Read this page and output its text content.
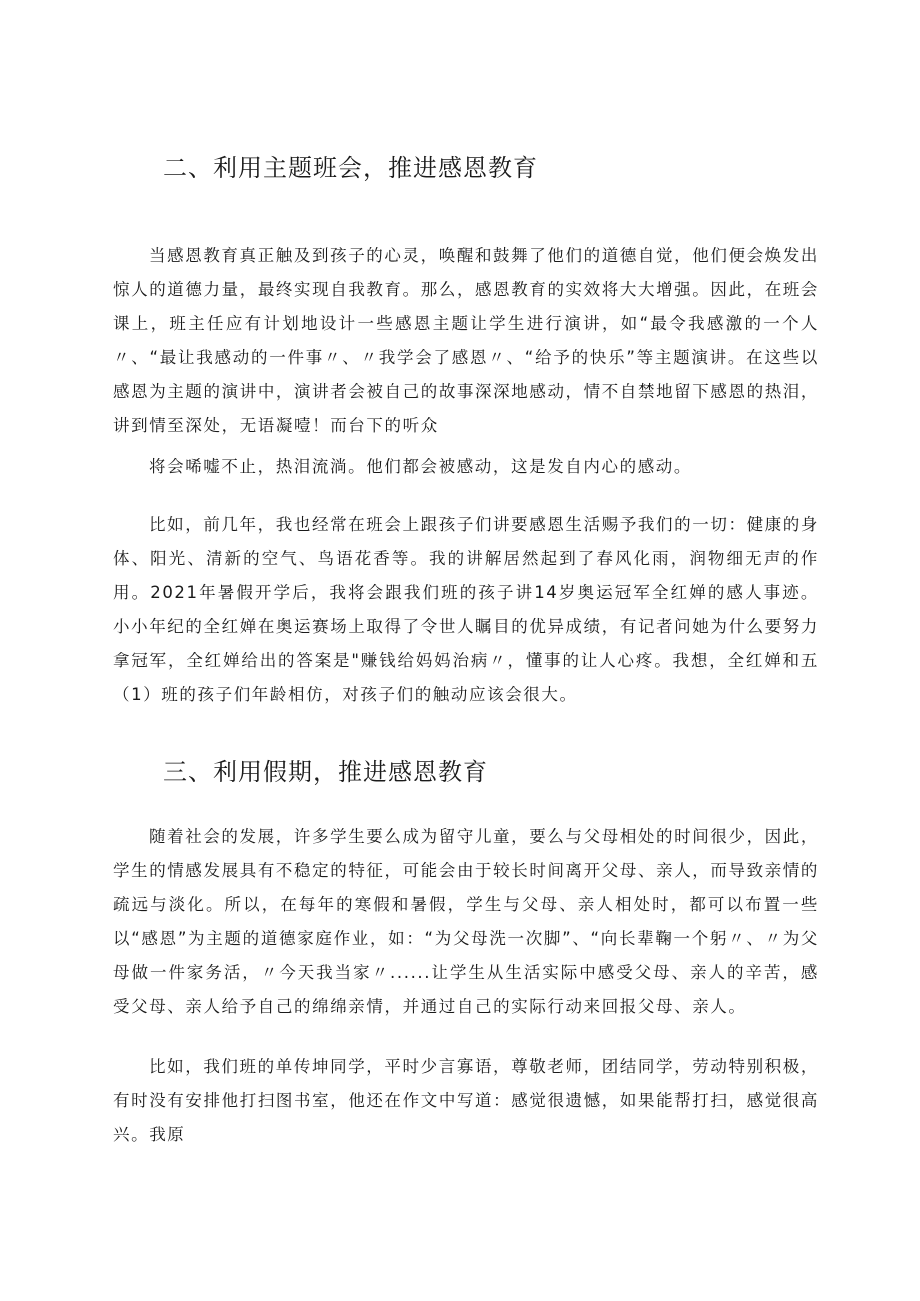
二、利用主题班会，推进感恩教育

当感恩教育真正触及到孩子的心灵，唤醒和鼓舞了他们的道德自觉，他们便会焕发出惊人的道德力量，最终实现自我教育。那么，感恩教育的实效将大大增强。因此，在班会课上，班主任应有计划地设计一些感恩主题让学生进行演讲，如“最令我感激的一个人〃、“最让我感动的一件事〃、〃我学会了感恩〃、“给予的快乐”等主题演讲。在这些以感恩为主题的演讲中，演讲者会被自己的故事深深地感动，情不自禁地留下感恩的热泪，讲到情至深处，无语凝噎！而台下的听众

将会唏嘘不止，热泪流淌。他们都会被感动，这是发自内心的感动。

比如，前几年，我也经常在班会上跟孩子们讲要感恩生活赐予我们的一切：健康的身体、阳光、清新的空气、鸟语花香等。我的讲解居然起到了春风化雨，润物细无声的作用。2021年暑假开学后，我将会跟我们班的孩子讲14岁奥运冠军全红婵的感人事迹。小小年纪的全红婵在奥运赛场上取得了令世人瞩目的优异成绩，有记者问她为什么要努力拿冠军，全红婵给出的答案是"赚钱给妈妈治病〃，懂事的让人心疼。我想，全红婵和五（1）班的孩子们年龄相仿，对孩子们的触动应该会很大。

三、利用假期，推进感恩教育

随着社会的发展，许多学生要么成为留守儿童，要么与父母相处的时间很少，因此，学生的情感发展具有不稳定的特征，可能会由于较长时间离开父母、亲人，而导致亲情的疏远与淡化。所以，在每年的寒假和暑假，学生与父母、亲人相处时，都可以布置一些以“感恩”为主题的道德家庭作业，如：“为父母洗一次脚”、“向长辈鞠一个躬〃、〃为父母做一件家务活，〃今天我当家〃......让学生从生活实际中感受父母、亲人的辛苦，感受父母、亲人给予自己的绵绵亲情，并通过自己的实际行动来回报父母、亲人。

比如，我们班的单传坤同学，平时少言寡语，尊敬老师，团结同学，劳动特别积极，有时没有安排他打扫图书室，他还在作文中写道：感觉很遗憾，如果能帮打扫，感觉很高兴。我原
